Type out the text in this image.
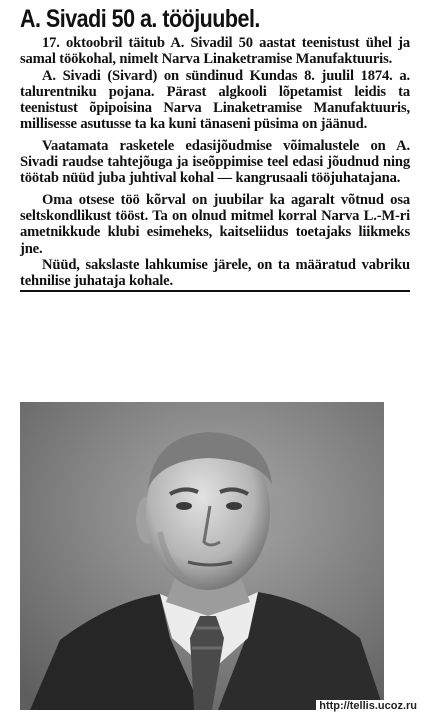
A. Sivadi 50 a. tööjuubel.

17. oktoobril täitub A. Sivadil 50 aastat teenistust ühel ja samal töökohal, nimelt Narva Linaketramise Manufaktuuris.

A. Sivadi (Sivard) on sündinud Kundas 8. juulil 1874. a. talurentniku pojana. Pärast algkooli lõpetamist leidis ta teenistust õpipoisina Narva Linaketramise Manufaktuuris, millisesse asutusse ta ka kuni tänaseni püsima on jäänud.

Vaatamata rasketele edasijõudmise võimalustele on A. Sivadi raudse tahtejõuga ja iseõppimise teel edasi jõudnud ning töötab nüüd juba juhtival kohal — kangrusaali tööjuhatajana.

Oma otsese töö kõrval on juubilar ka agaralt võtnud osa seltskondlikust tööst. Ta on olnud mitmel korral Narva L.-M-ri ametnikkude klubi esimeheks, kaitseliidus toetajaks liikmeks jne.

Nüüd, sakslaste lahkumise järele, on ta määratud vabriku tehnilise juhataja kohale.

http://tellis.ucoz.ru
